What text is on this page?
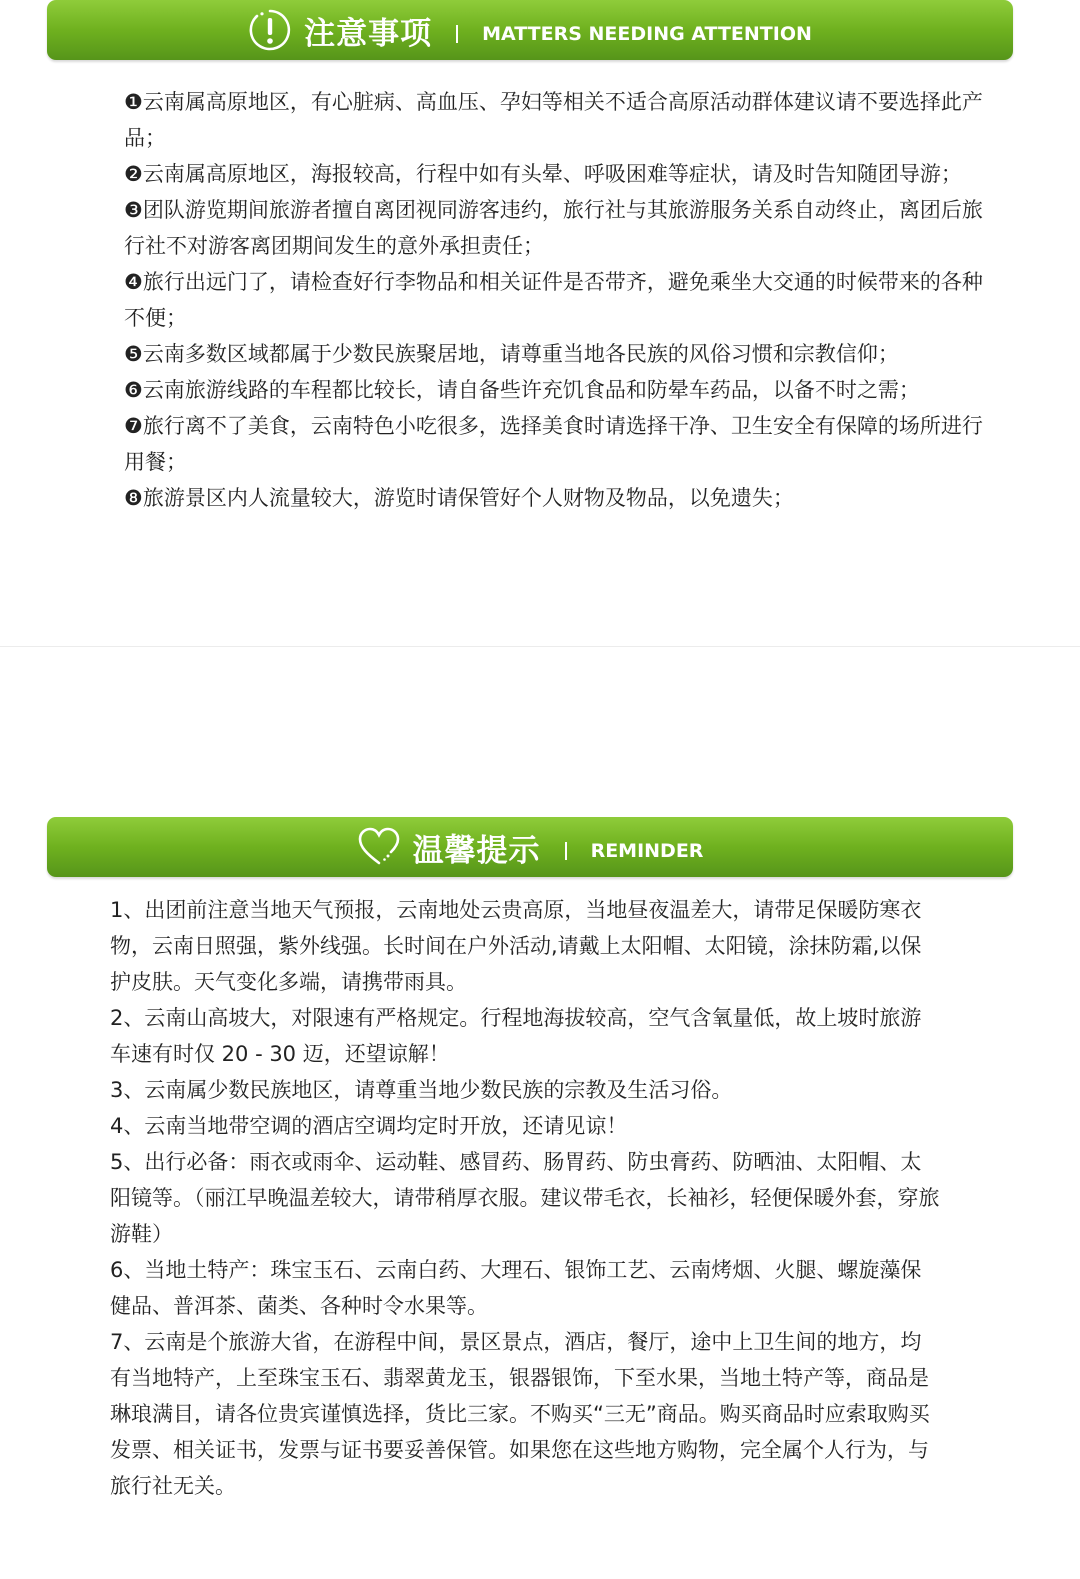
注意事项	MATTERS NEEDING ATTENTION

❶云南属高原地区，有心脏病、高血压、孕妇等相关不适合高原活动群体建议请不要选择此产品；

❷云南属高原地区，海报较高，行程中如有头晕、呼吸困难等症状，请及时告知随团导游；

❸团队游览期间旅游者擅自离团视同游客违约，旅行社与其旅游服务关系自动终止，离团后旅行社不对游客离团期间发生的意外承担责任；

❹旅行出远门了，请检查好行李物品和相关证件是否带齐，避免乘坐大交通的时候带来的各种不便；

❺云南多数区域都属于少数民族聚居地，请尊重当地各民族的风俗习惯和宗教信仰；

❻云南旅游线路的车程都比较长，请自备些许充饥食品和防晕车药品，以备不时之需；

❼旅行离不了美食，云南特色小吃很多，选择美食时请选择干净、卫生安全有保障的场所进行用餐；

❽旅游景区内人流量较大，游览时请保管好个人财物及物品，以免遗失；

温馨提示	REMINDER

1、出团前注意当地天气预报，云南地处云贵高原，当地昼夜温差大，请带足保暖防寒衣物，云南日照强，紫外线强。长时间在户外活动,请戴上太阳帽、太阳镜，涂抹防霜,以保护皮肤。天气变化多端，请携带雨具。

2、云南山高坡大，对限速有严格规定。行程地海拔较高，空气含氧量低，故上坡时旅游车速有时仅 20 - 30 迈，还望谅解！

3、云南属少数民族地区，请尊重当地少数民族的宗教及生活习俗。

4、云南当地带空调的酒店空调均定时开放，还请见谅！

5、出行必备：雨衣或雨伞、运动鞋、感冒药、肠胃药、防虫膏药、防晒油、太阳帽、太阳镜等。（丽江早晚温差较大，请带稍厚衣服。建议带毛衣，长袖衫，轻便保暖外套，穿旅游鞋）

6、当地土特产：珠宝玉石、云南白药、大理石、银饰工艺、云南烤烟、火腿、螺旋藻保健品、普洱茶、菌类、各种时令水果等。

7、云南是个旅游大省，在游程中间，景区景点，酒店，餐厅，途中上卫生间的地方，均有当地特产，上至珠宝玉石、翡翠黄龙玉，银器银饰，下至水果，当地土特产等，商品是琳琅满目，请各位贵宾谨慎选择，货比三家。不购买“三无”商品。购买商品时应索取购买发票、相关证书，发票与证书要妥善保管。如果您在这些地方购物，完全属个人行为，与旅行社无关。
